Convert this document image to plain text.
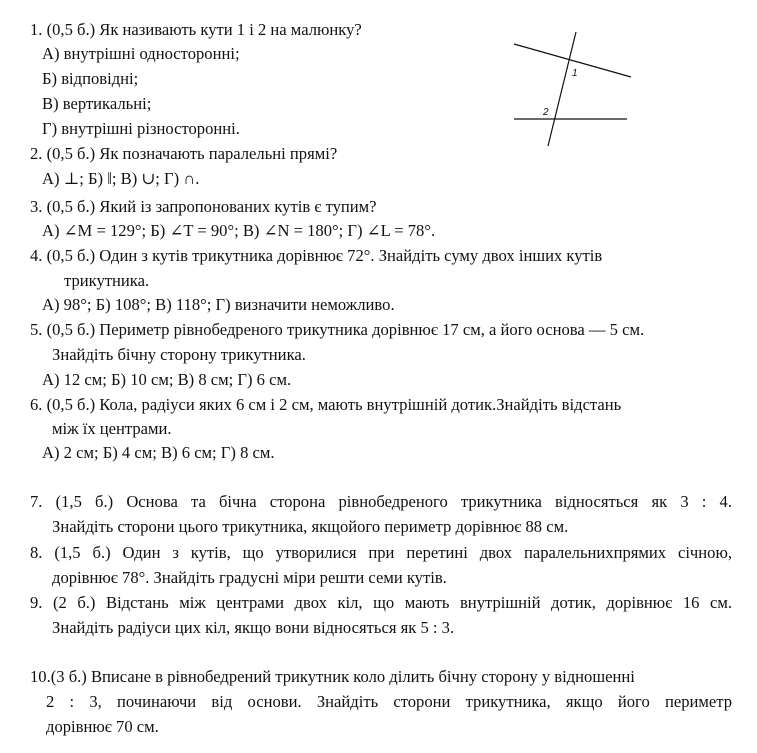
1. (0,5 б.) Як називають кути 1 і 2 на малюнку?
А) внутрішні односторонні;
Б) відповідні;
В) вертикальні;
Г) внутрішні різносторонні.
1
2
2. (0,5 б.) Як позначають паралельні прямі?
А) ⊥; Б) ǁ; В) ∪; Г) ∩.
3. (0,5 б.) Який із запропонованих кутів є тупим?
А) ∠M = 129°; Б) ∠T = 90°; В) ∠N = 180°; Г) ∠L = 78°.
4. (0,5 б.) Один з кутів трикутника дорівнює 72°. Знайдіть суму двох інших кутів
трикутника.
А) 98°; Б) 108°; В) 118°; Г) визначити неможливо.
5. (0,5 б.) Периметр рівнобедреного трикутника дорівнює 17 см, а його основа — 5 см.
Знайдіть бічну сторону трикутника.
А) 12 см; Б) 10 см; В) 8 см; Г) 6 см.
6. (0,5 б.) Кола, радіуси яких 6 см і 2 см, мають внутрішній дотик.Знайдіть відстань
між їх центрами.
А) 2 см; Б) 4 см; В) 6 см; Г) 8 см.
7. (1,5 б.) Основа та бічна сторона рівнобедреного трикутника відносяться як 3 : 4.
Знайдіть сторони цього трикутника, якщойого периметр дорівнює 88 см.
8. (1,5 б.) Один з кутів, що утворилися при перетині двох паралельнихпрямих січною,
дорівнює 78°. Знайдіть градусні міри решти семи кутів.
9. (2 б.) Відстань між центрами двох кіл, що мають внутрішній дотик, дорівнює 16 см.
Знайдіть радіуси цих кіл, якщо вони відносяться як 5 : 3.
10.(3 б.) Вписане в рівнобедрений трикутник коло ділить бічну сторону у відношенні
2 : 3, починаючи від основи. Знайдіть сторони трикутника, якщо його периметр
дорівнює 70 см.
